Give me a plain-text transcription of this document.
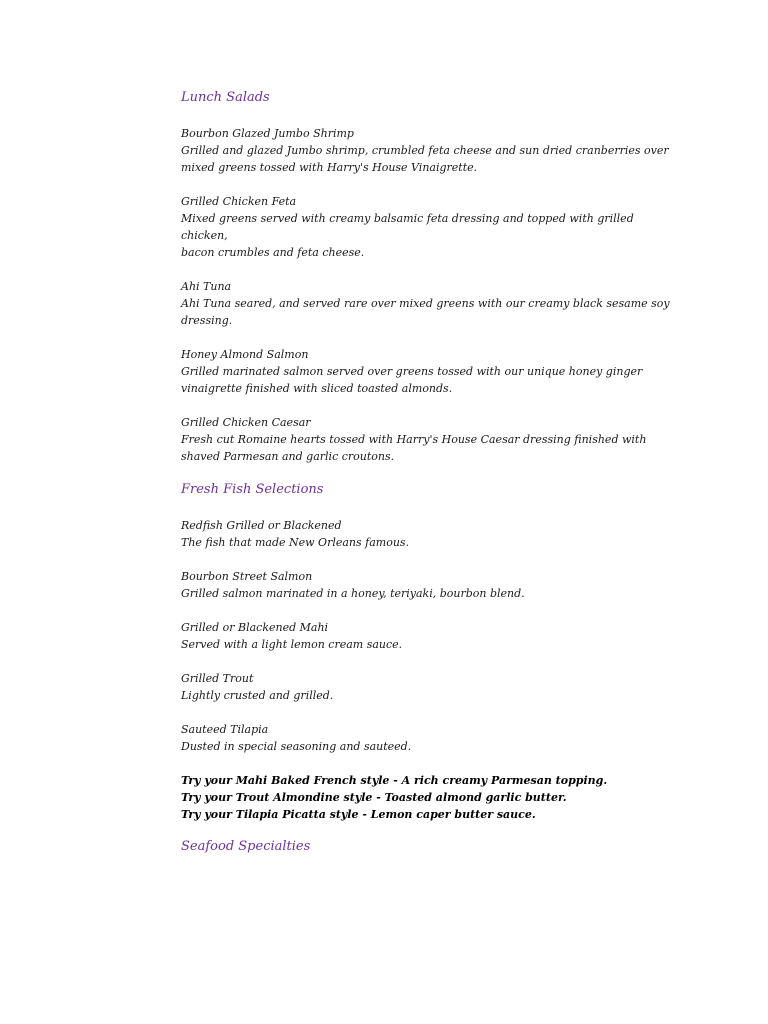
Lunch Salads
Bourbon Glazed Jumbo Shrimp
Grilled and glazed Jumbo shrimp, crumbled feta cheese and sun dried cranberries over
mixed greens tossed with Harry's House Vinaigrette.
Grilled Chicken Feta
Mixed greens served with creamy balsamic feta dressing and topped with grilled chicken,
bacon crumbles and feta cheese.
Ahi Tuna
Ahi Tuna seared, and served rare over mixed greens with our creamy black sesame soy
dressing.
Honey Almond Salmon
Grilled marinated salmon served over greens tossed with our unique honey ginger
vinaigrette finished with sliced toasted almonds.
Grilled Chicken Caesar
Fresh cut Romaine hearts tossed with Harry's House Caesar dressing finished with
shaved Parmesan and garlic croutons.
Fresh Fish Selections
Redfish Grilled or Blackened
The fish that made New Orleans famous.
Bourbon Street Salmon
Grilled salmon marinated in a honey, teriyaki, bourbon blend.
Grilled or Blackened Mahi
Served with a light lemon cream sauce.
Grilled Trout
Lightly crusted and grilled.
Sauteed Tilapia
Dusted in special seasoning and sauteed.
Try your Mahi Baked French style - A rich creamy Parmesan topping.
Try your Trout Almondine style - Toasted almond garlic butter.
Try your Tilapia Picatta style - Lemon caper butter sauce.
Seafood Specialties
